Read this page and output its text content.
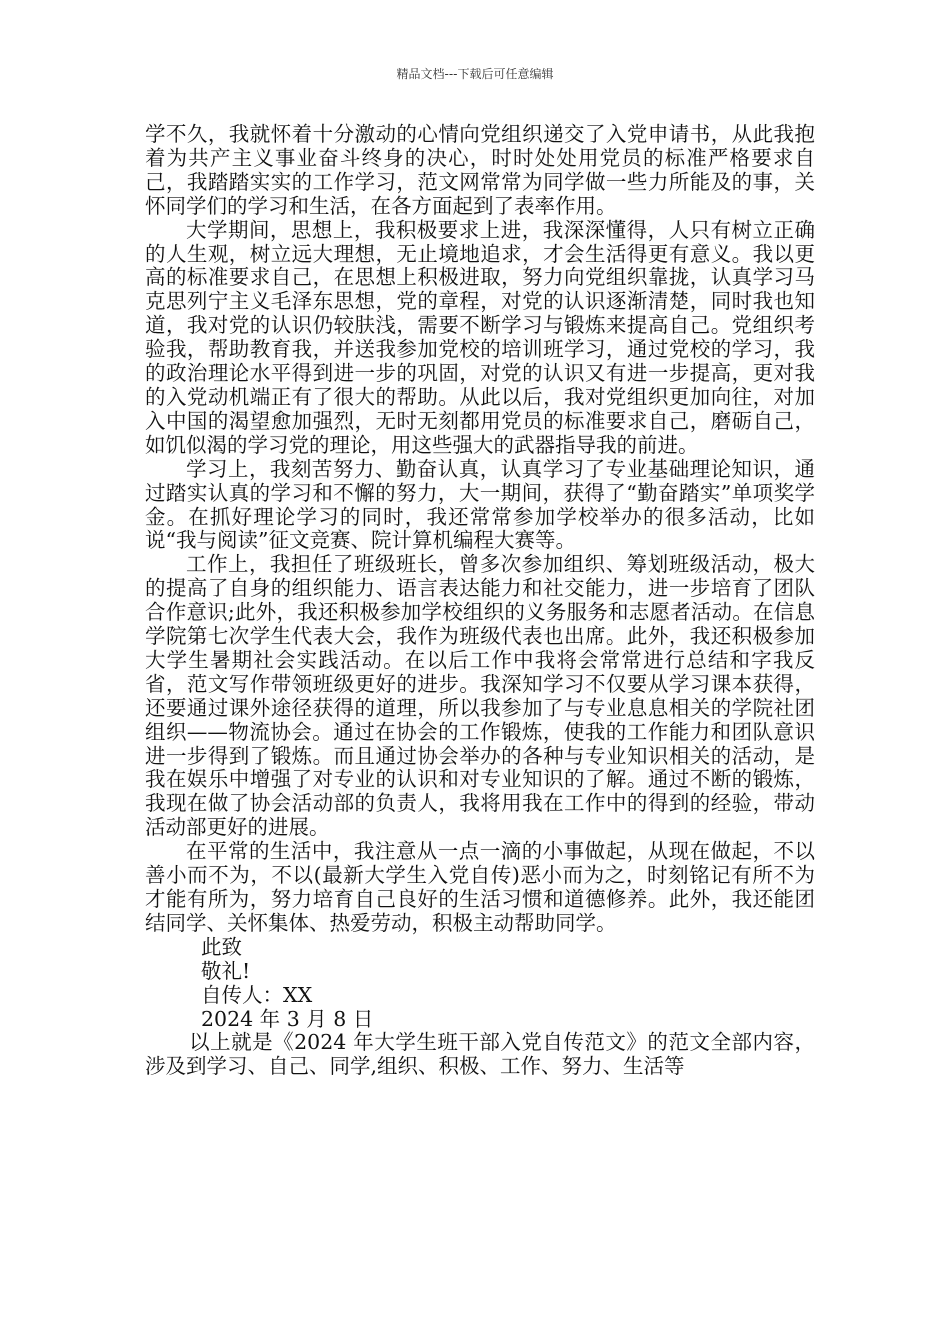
精品文档---下载后可任意编辑

学不久，我就怀着十分激动的心情向党组织递交了入党申请书，从此我抱着为共产主义事业奋斗终身的决心，时时处处用党员的标准严格要求自己，我踏踏实实的工作学习，范文网常常为同学做一些力所能及的事，关怀同学们的学习和生活，在各方面起到了表率作用。

大学期间，思想上，我积极要求上进，我深深懂得，人只有树立正确的人生观，树立远大理想，无止境地追求，才会生活得更有意义。我以更高的标准要求自己，在思想上积极进取，努力向党组织靠拢，认真学习马克思列宁主义毛泽东思想，党的章程，对党的认识逐渐清楚，同时我也知道，我对党的认识仍较肤浅，需要不断学习与锻炼来提高自己。党组织考验我，帮助教育我，并送我参加党校的培训班学习，通过党校的学习，我的政治理论水平得到进一步的巩固，对党的认识又有进一步提高，更对我的入党动机端正有了很大的帮助。从此以后，我对党组织更加向往，对加入中国的渴望愈加强烈，无时无刻都用党员的标准要求自己，磨砺自己，如饥似渴的学习党的理论，用这些强大的武器指导我的前进。

学习上，我刻苦努力、勤奋认真，认真学习了专业基础理论知识，通过踏实认真的学习和不懈的努力，大一期间，获得了“勤奋踏实”单项奖学金。在抓好理论学习的同时，我还常常参加学校举办的很多活动，比如说“我与阅读”征文竞赛、院计算机编程大赛等。

工作上，我担任了班级班长，曾多次参加组织、筹划班级活动，极大的提高了自身的组织能力、语言表达能力和社交能力，进一步培育了团队合作意识;此外，我还积极参加学校组织的义务服务和志愿者活动。在信息学院第七次学生代表大会，我作为班级代表也出席。此外，我还积极参加大学生暑期社会实践活动。在以后工作中我将会常常进行总结和字我反省，范文写作带领班级更好的进步。我深知学习不仅要从学习课本获得，还要通过课外途径获得的道理，所以我参加了与专业息息相关的学院社团组织——物流协会。通过在协会的工作锻炼，使我的工作能力和团队意识进一步得到了锻炼。而且通过协会举办的各种与专业知识相关的活动，是我在娱乐中增强了对专业的认识和对专业知识的了解。通过不断的锻炼，我现在做了协会活动部的负责人，我将用我在工作中的得到的经验，带动活动部更好的进展。

在平常的生活中，我注意从一点一滴的小事做起，从现在做起，不以善小而不为，不以(最新大学生入党自传)恶小而为之，时刻铭记有所不为才能有所为，努力培育自己良好的生活习惯和道德修养。此外，我还能团结同学、关怀集体、热爱劳动，积极主动帮助同学。

此致

敬礼!

自传人：XX

2024 年 3 月 8 日

以上就是《2024 年大学生班干部入党自传范文》的范文全部内容，涉及到学习、自己、同学,组织、积极、工作、努力、生活等
